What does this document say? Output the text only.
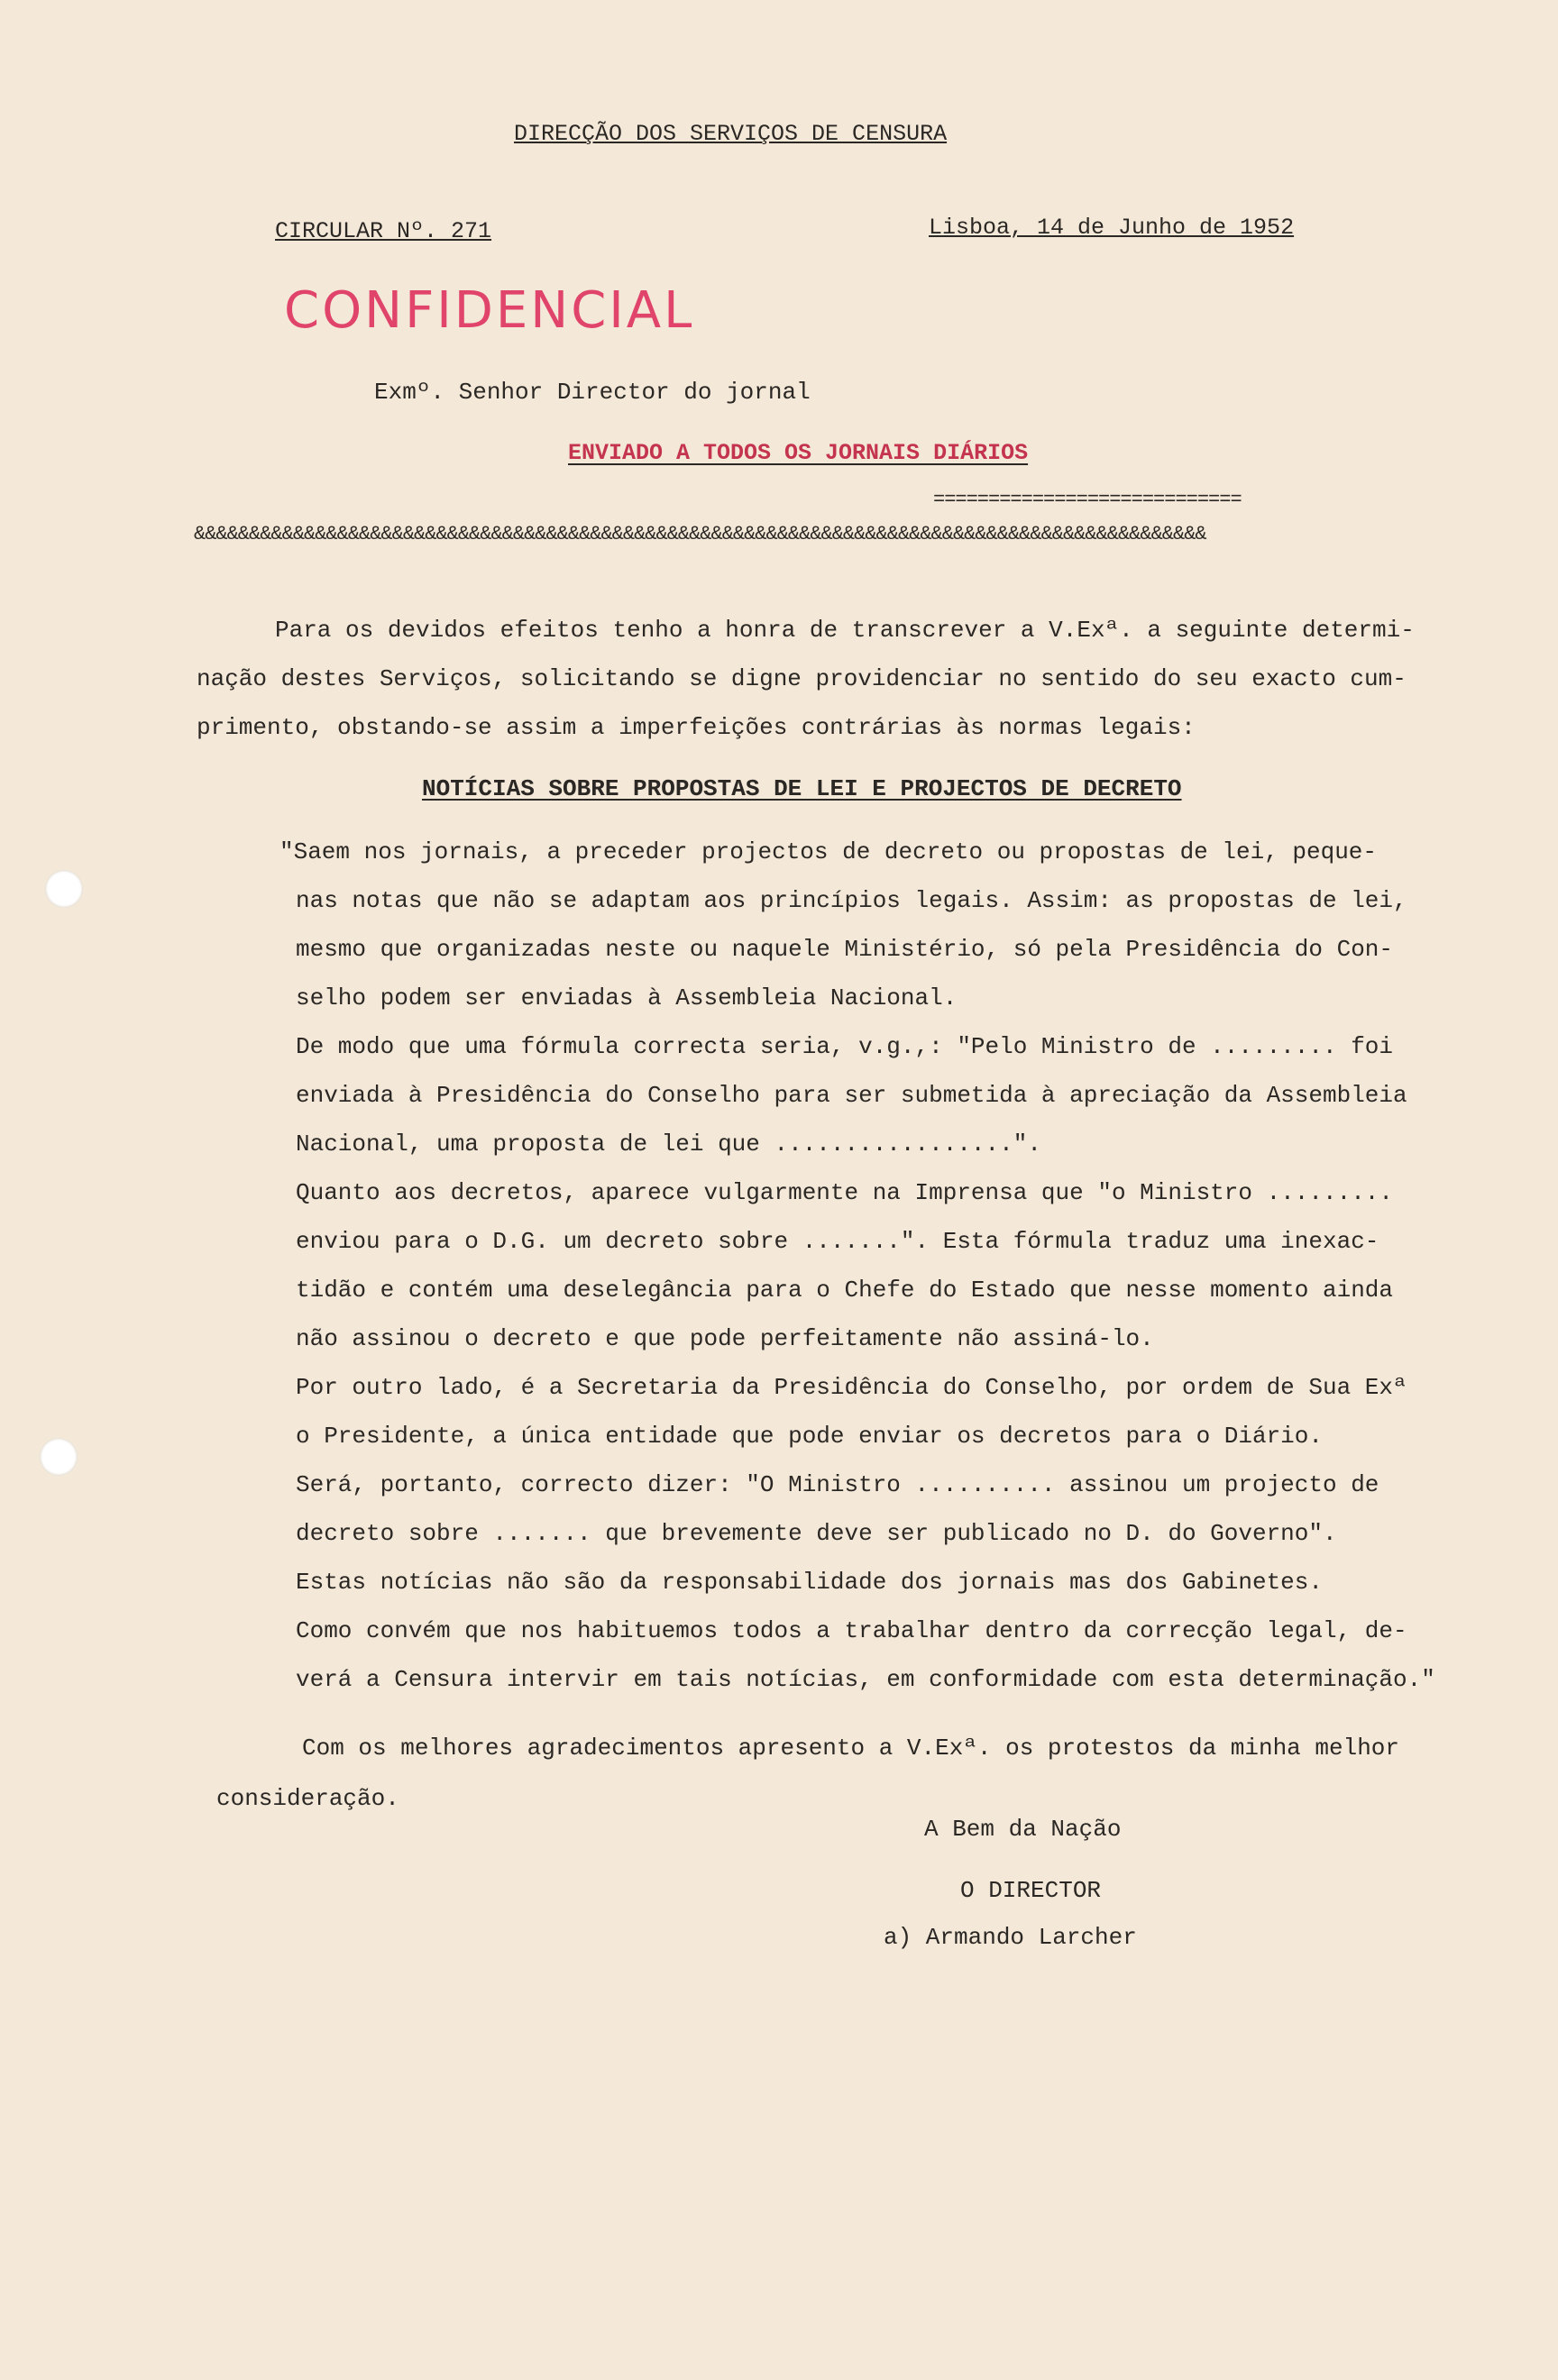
DIRECÇÃO DOS SERVIÇOS DE CENSURA
CIRCULAR Nº. 271	Lisboa, 14 de Junho de 1952
CONFIDENCIAL
Exmº. Senhor Director do jornal
ENVIADO A TODOS OS JORNAIS DIÁRIOS
============================
&&&&&&&&&&&&&&&&&&&&&&&&&&&&&&&&&&&&&&&&&&&&&&&&&&&&&&&&&&&&&&&&&&&&&&&&&&&&&&&&&&&&&&&&&&&&
Para os devidos efeitos tenho a honra de transcrever a V.Exª. a seguinte determi-
nação destes Serviços, solicitando se digne providenciar no sentido do seu exacto cum-
primento, obstando-se assim a imperfeições contrárias às normas legais:
NOTÍCIAS SOBRE PROPOSTAS DE LEI E PROJECTOS DE DECRETO
"Saem nos jornais, a preceder projectos de decreto ou propostas de lei, peque-
nas notas que não se adaptam aos princípios legais. Assim: as propostas de lei,
mesmo que organizadas neste ou naquele Ministério, só pela Presidência do Con-
selho podem ser enviadas à Assembleia Nacional.
De modo que uma fórmula correcta seria, v.g.,: "Pelo Ministro de ......... foi
enviada à Presidência do Conselho para ser submetida à apreciação da Assembleia
Nacional, uma proposta de lei que .................".
Quanto aos decretos, aparece vulgarmente na Imprensa que "o Ministro .........
enviou para o D.G. um decreto sobre .......". Esta fórmula traduz uma inexac-
tidão e contém uma deselegância para o Chefe do Estado que nesse momento ainda
não assinou o decreto e que pode perfeitamente não assiná-lo.
Por outro lado, é a Secretaria da Presidência do Conselho, por ordem de Sua Exª
o Presidente, a única entidade que pode enviar os decretos para o Diário.
Será, portanto, correcto dizer: "O Ministro .......... assinou um projecto de
decreto sobre ....... que brevemente deve ser publicado no D. do Governo".
Estas notícias não são da responsabilidade dos jornais mas dos Gabinetes.
Como convém que nos habituemos todos a trabalhar dentro da correcção legal, de-
verá a Censura intervir em tais notícias, em conformidade com esta determinação."
Com os melhores agradecimentos apresento a V.Exª. os protestos da minha melhor
consideração.
A Bem da Nação
O DIRECTOR
a) Armando Larcher
